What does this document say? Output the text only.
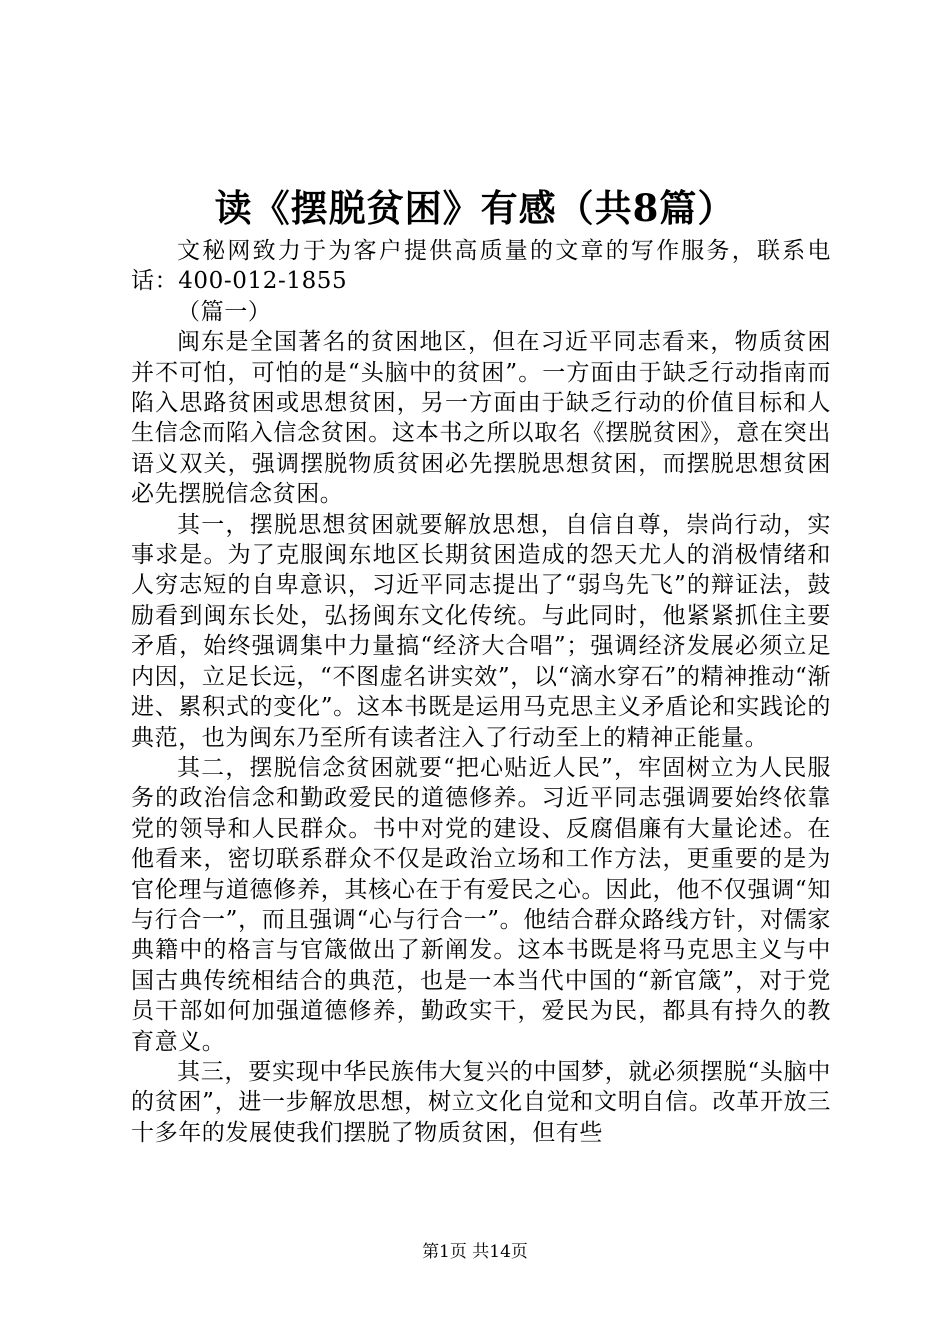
读《摆脱贫困》有感（共8篇）

文秘网致力于为客户提供高质量的文章的写作服务，联系电话：400-012-1855

（篇一）

闽东是全国著名的贫困地区，但在习近平同志看来，物质贫困并不可怕，可怕的是“头脑中的贫困”。一方面由于缺乏行动指南而陷入思路贫困或思想贫困，另一方面由于缺乏行动的价值目标和人生信念而陷入信念贫困。这本书之所以取名《摆脱贫困》，意在突出语义双关，强调摆脱物质贫困必先摆脱思想贫困，而摆脱思想贫困必先摆脱信念贫困。

其一，摆脱思想贫困就要解放思想，自信自尊，崇尚行动，实事求是。为了克服闽东地区长期贫困造成的怨天尤人的消极情绪和人穷志短的自卑意识，习近平同志提出了“弱鸟先飞”的辩证法，鼓励看到闽东长处，弘扬闽东文化传统。与此同时，他紧紧抓住主要矛盾，始终强调集中力量搞“经济大合唱”；强调经济发展必须立足内因，立足长远，“不图虚名讲实效”，以“滴水穿石”的精神推动“渐进、累积式的变化”。这本书既是运用马克思主义矛盾论和实践论的典范，也为闽东乃至所有读者注入了行动至上的精神正能量。

其二，摆脱信念贫困就要“把心贴近人民”，牢固树立为人民服务的政治信念和勤政爱民的道德修养。习近平同志强调要始终依靠党的领导和人民群众。书中对党的建设、反腐倡廉有大量论述。在他看来，密切联系群众不仅是政治立场和工作方法，更重要的是为官伦理与道德修养，其核心在于有爱民之心。因此，他不仅强调“知与行合一”，而且强调“心与行合一”。他结合群众路线方针，对儒家典籍中的格言与官箴做出了新阐发。这本书既是将马克思主义与中国古典传统相结合的典范，也是一本当代中国的“新官箴”，对于党员干部如何加强道德修养，勤政实干，爱民为民，都具有持久的教育意义。

其三，要实现中华民族伟大复兴的中国梦，就必须摆脱“头脑中的贫困”，进一步解放思想，树立文化自觉和文明自信。改革开放三十多年的发展使我们摆脱了物质贫困，但有些

第1页 共14页
